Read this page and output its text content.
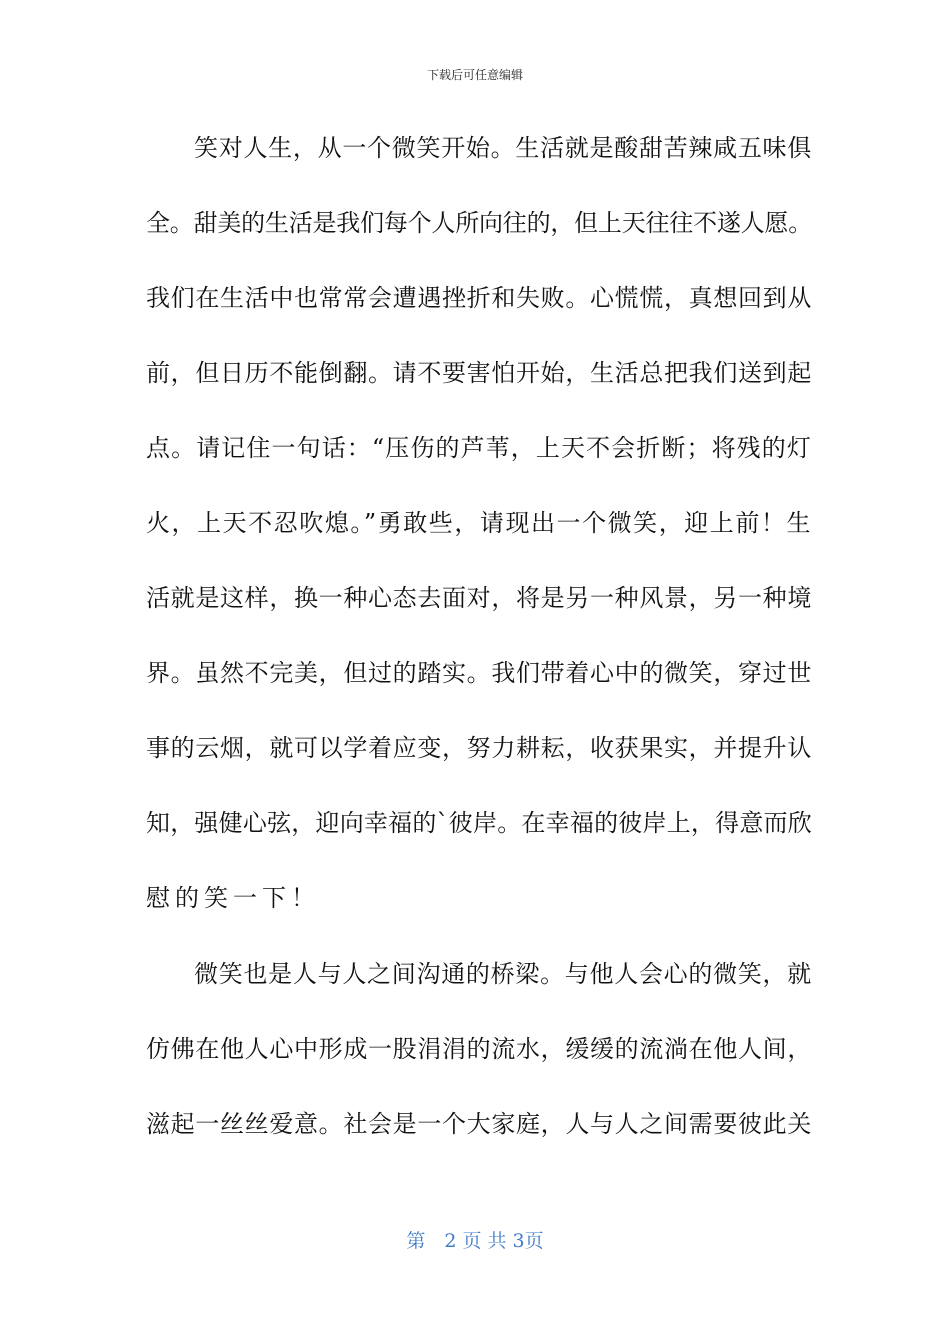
下载后可任意编辑
笑对人生，从一个微笑开始。生活就是酸甜苦辣咸五味俱
全。甜美的生活是我们每个人所向往的，但上天往往不遂人愿。
我们在生活中也常常会遭遇挫折和失败。心慌慌，真想回到从
前，但日历不能倒翻。请不要害怕开始，生活总把我们送到起
点。请记住一句话：“压伤的芦苇，上天不会折断；将残的灯
火，上天不忍吹熄。”勇敢些，请现出一个微笑，迎上前！生
活就是这样，换一种心态去面对，将是另一种风景，另一种境
界。虽然不完美，但过的踏实。我们带着心中的微笑，穿过世
事的云烟，就可以学着应变，努力耕耘，收获果实，并提升认
知，强健心弦，迎向幸福的`彼岸。在幸福的彼岸上，得意而欣
慰的笑一下！
微笑也是人与人之间沟通的桥梁。与他人会心的微笑，就
仿佛在他人心中形成一股涓涓的流水，缓缓的流淌在他人间，
滋起一丝丝爱意。社会是一个大家庭，人与人之间需要彼此关
第　2 页 共 3页
